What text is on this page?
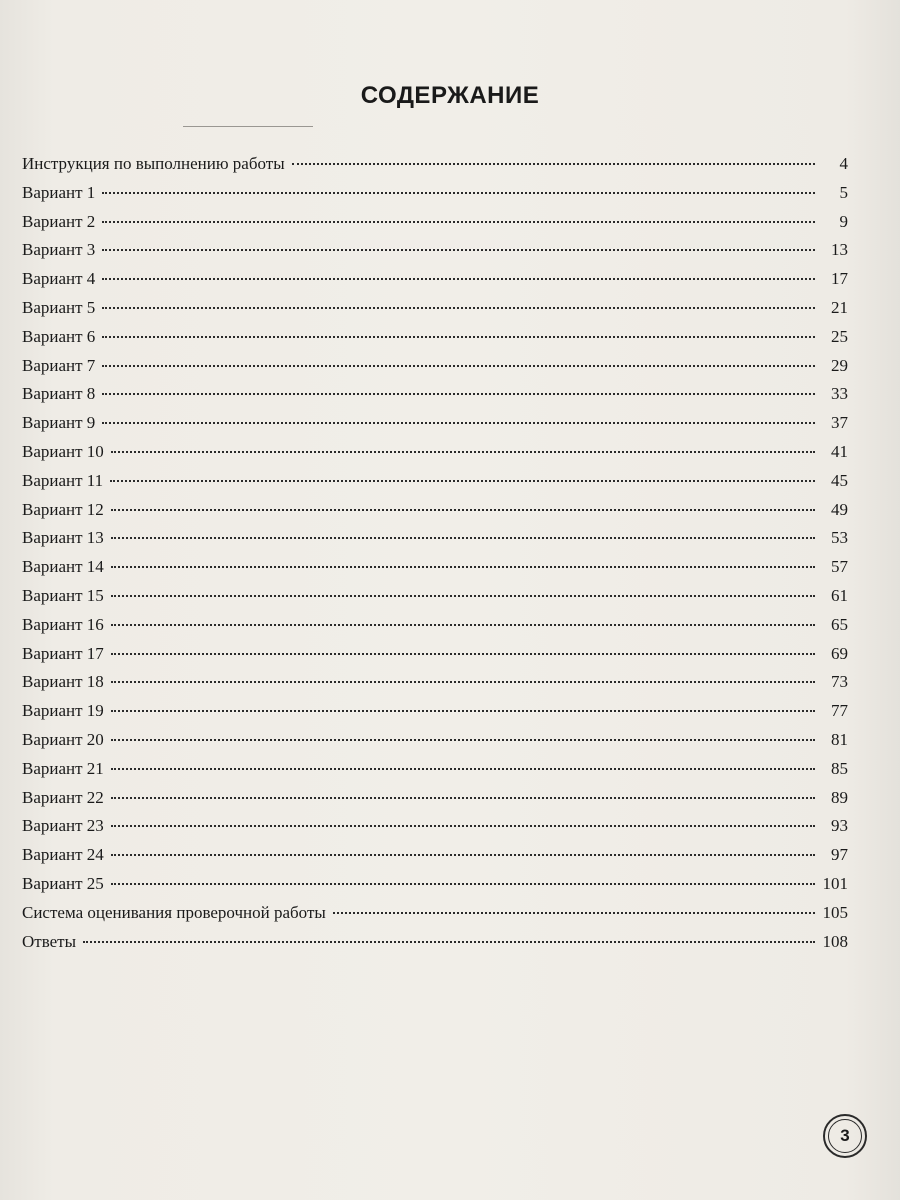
СОДЕРЖАНИЕ
Инструкция по выполнению работы	4
Вариант 1	5
Вариант 2	9
Вариант 3	13
Вариант 4	17
Вариант 5	21
Вариант 6	25
Вариант 7	29
Вариант 8	33
Вариант 9	37
Вариант 10	41
Вариант 11	45
Вариант 12	49
Вариант 13	53
Вариант 14	57
Вариант 15	61
Вариант 16	65
Вариант 17	69
Вариант 18	73
Вариант 19	77
Вариант 20	81
Вариант 21	85
Вариант 22	89
Вариант 23	93
Вариант 24	97
Вариант 25	101
Система оценивания проверочной работы	105
Ответы	108
3
